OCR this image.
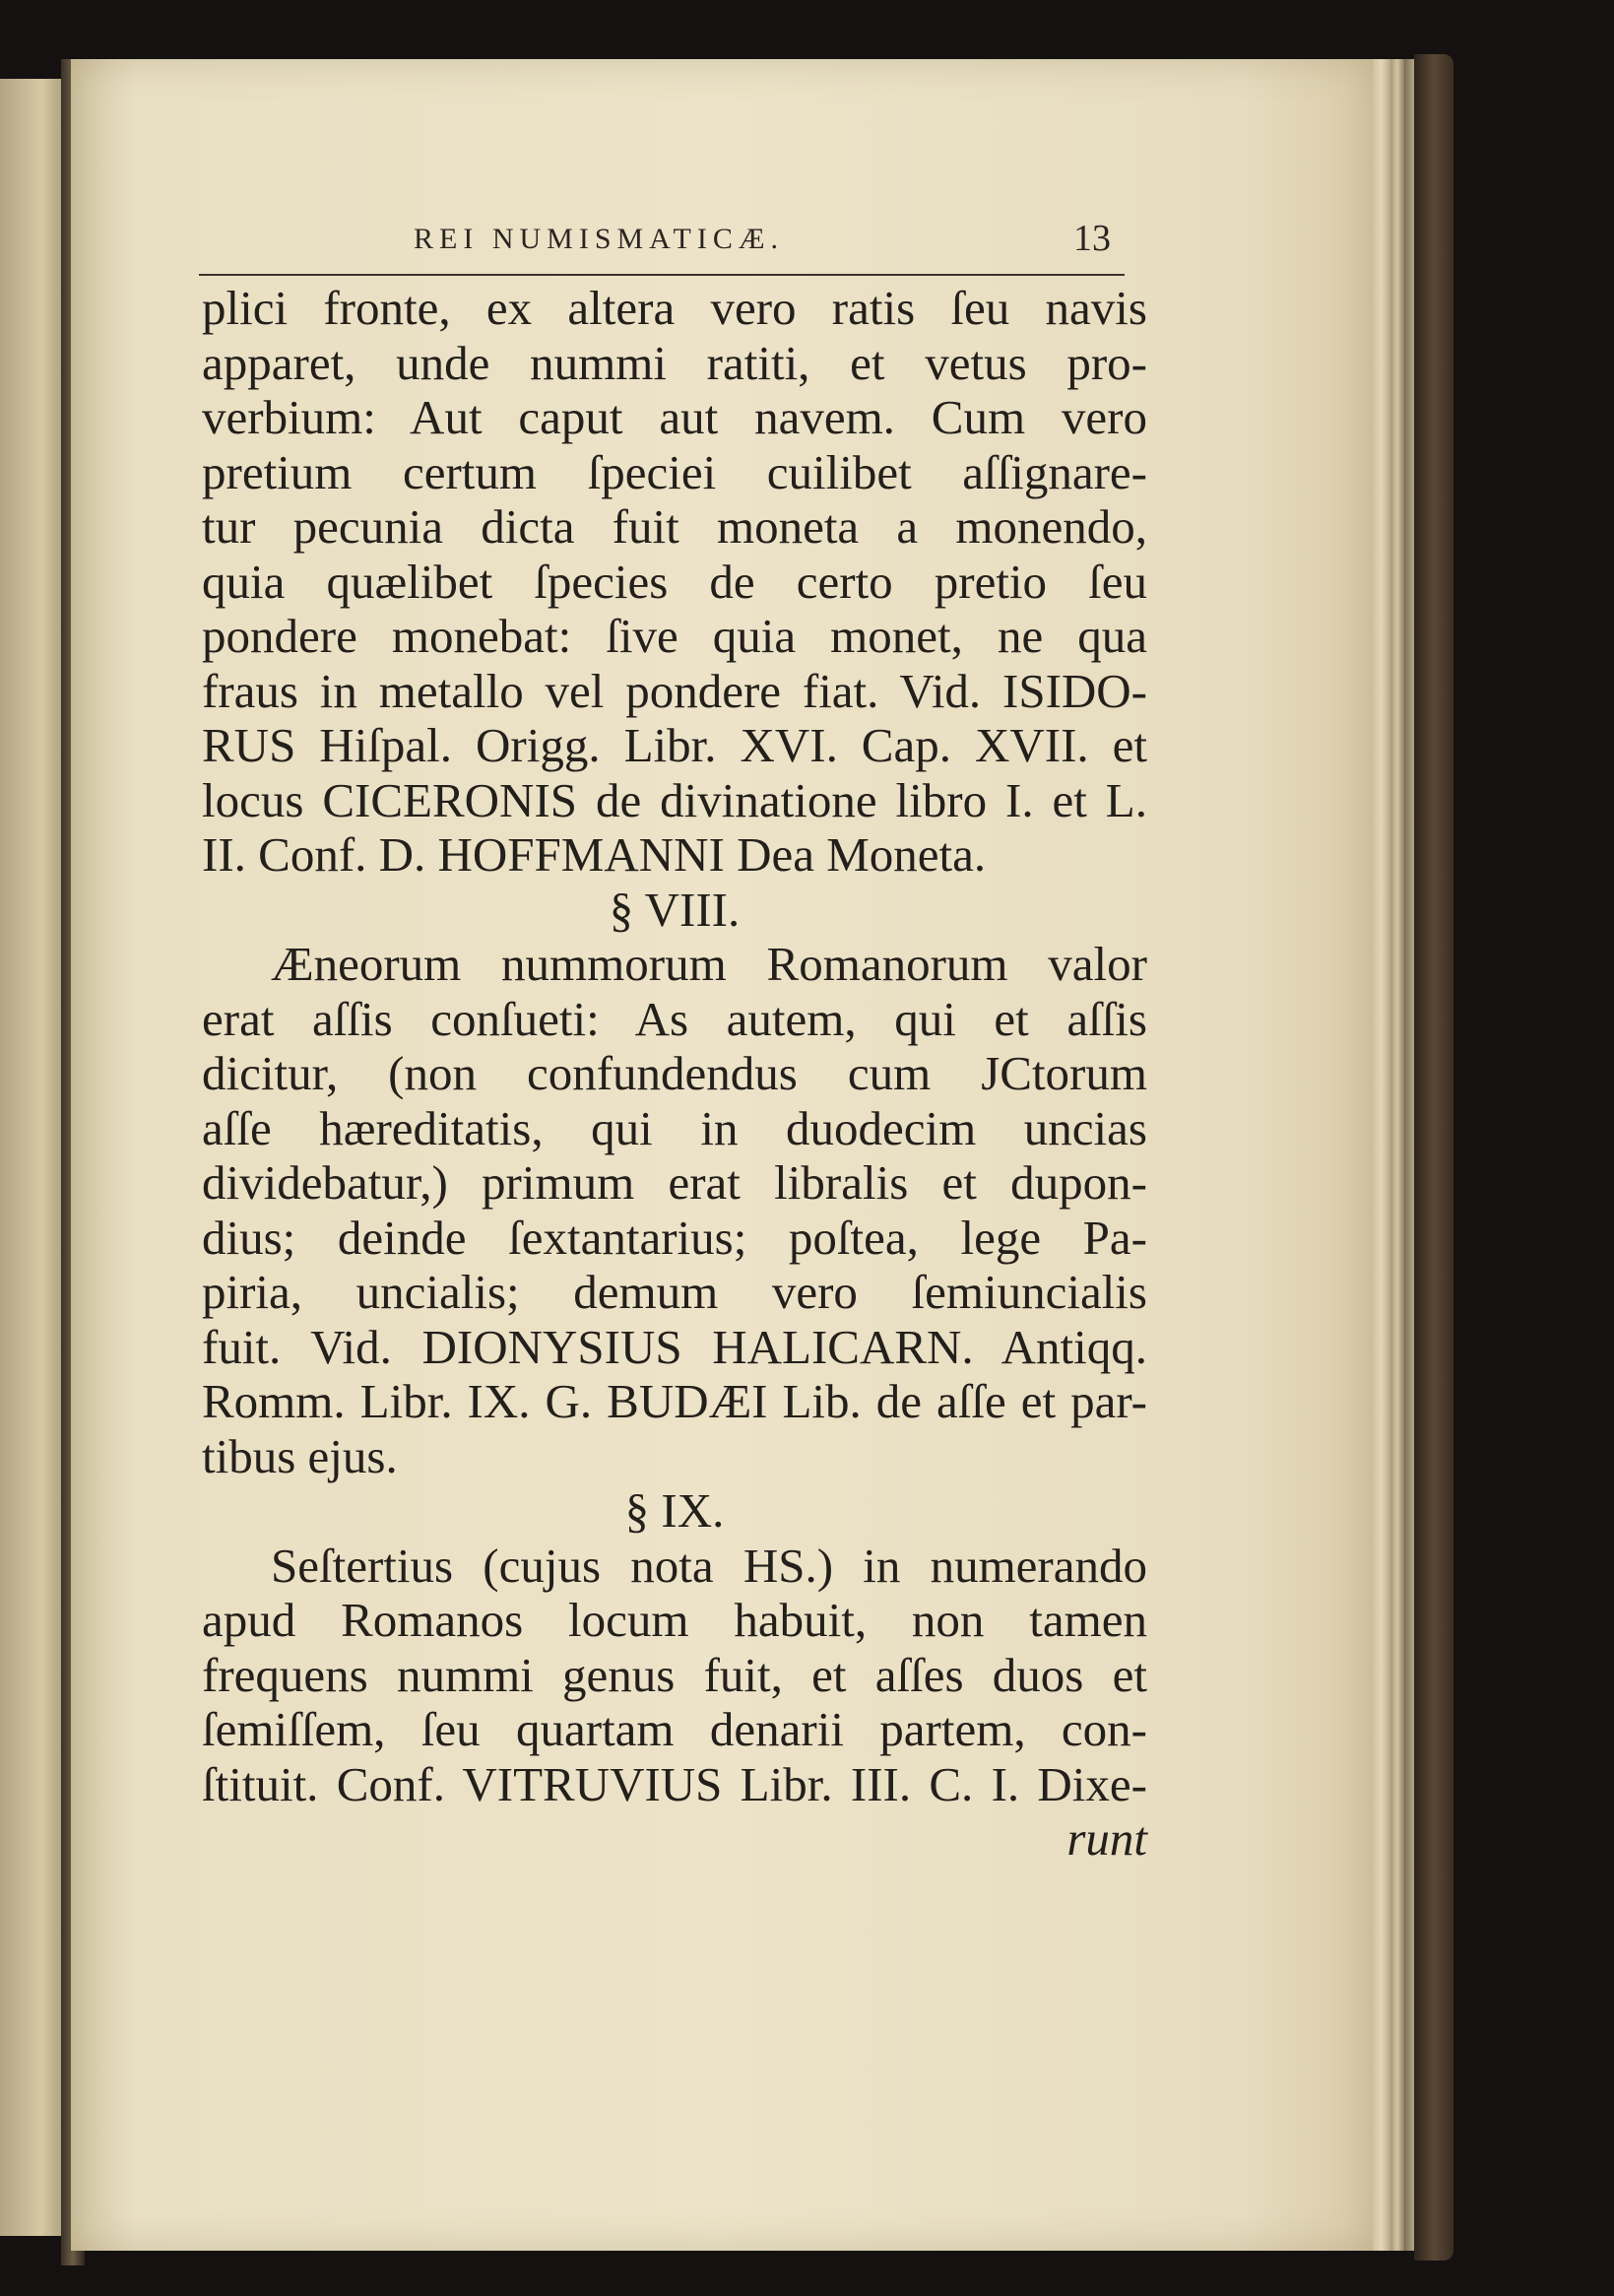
REI NUMISMATICÆ.	13
plici fronte, ex altera vero ratis ſeu navis
apparet, unde nummi ratiti, et vetus pro-
verbium: Aut caput aut navem. Cum vero
pretium certum ſpeciei cuilibet aſſignare-
tur pecunia dicta fuit moneta a monendo,
quia quælibet ſpecies de certo pretio ſeu
pondere monebat: ſive quia monet, ne qua
fraus in metallo vel pondere fiat. Vid. ISIDO-
RUS Hiſpal. Origg. Libr. XVI. Cap. XVII. et
locus CICERONIS de divinatione libro I. et L.
II. Conf. D. HOFFMANNI Dea Moneta.
§ VIII.
Æneorum nummorum Romanorum valor
erat aſſis conſueti: As autem, qui et aſſis
dicitur, (non confundendus cum JCtorum
aſſe hæreditatis, qui in duodecim uncias
dividebatur,) primum erat libralis et dupon-
dius; deinde ſextantarius; poſtea, lege Pa-
piria, uncialis; demum vero ſemiuncialis
fuit. Vid. DIONYSIUS HALICARN. Antiqq.
Romm. Libr. IX. G. BUDÆI Lib. de aſſe et par-
tibus ejus.
§ IX.
Seſtertius (cujus nota HS.) in numerando
apud Romanos locum habuit, non tamen
frequens nummi genus fuit, et aſſes duos et
ſemiſſem, ſeu quartam denarii partem, con-
ſtituit. Conf. VITRUVIUS Libr. III. C. I. Dixe-
runt
